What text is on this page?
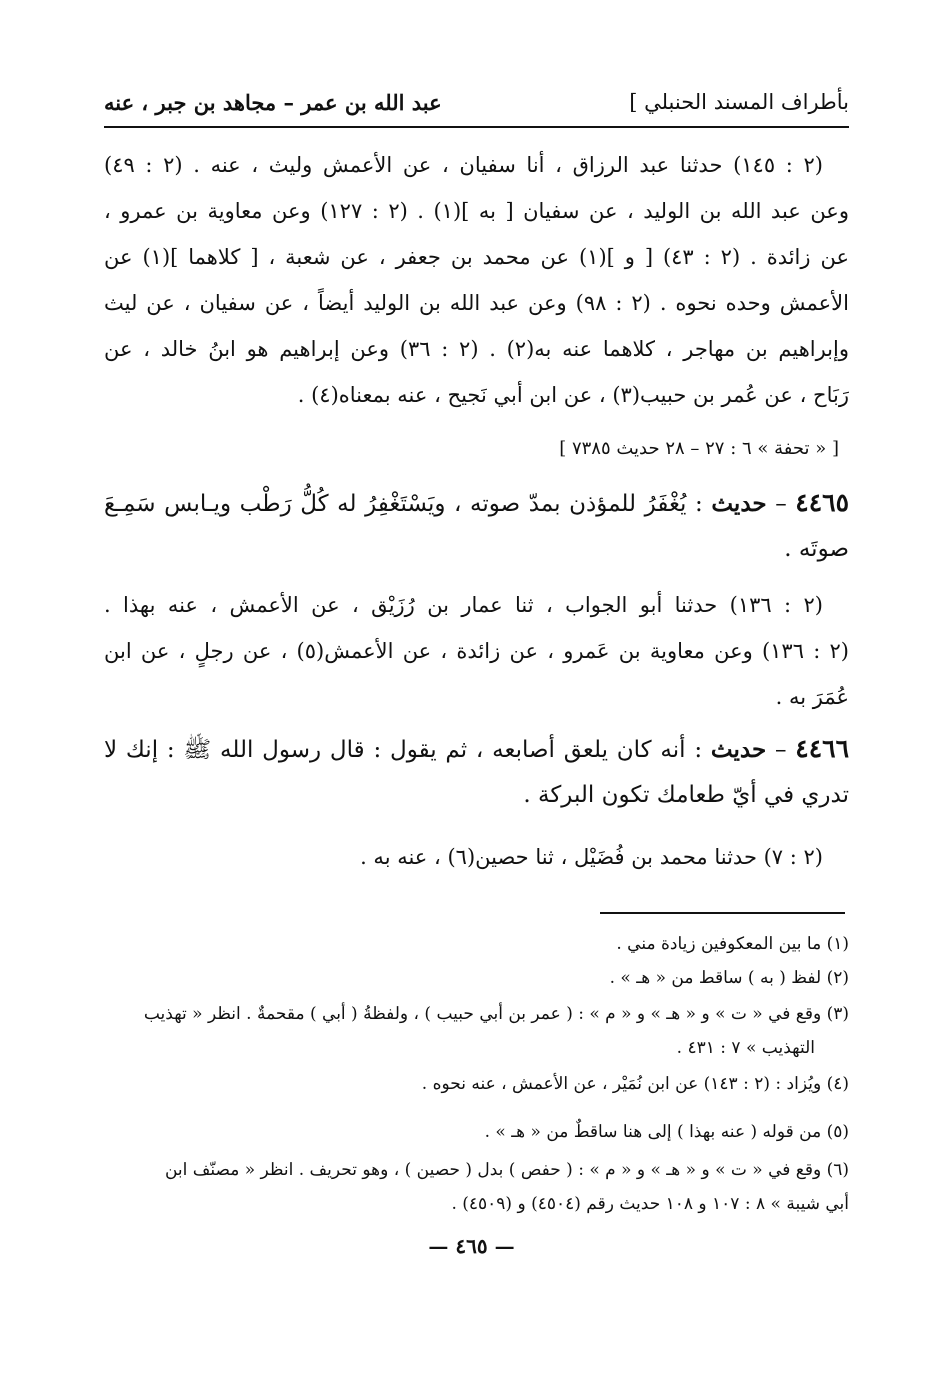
بأطراف المسند الحنبلي ]
عبد الله بن عمر – مجاهد بن جبر ، عنه
(٢ : ١٤٥) حدثنا عبد الرزاق ، أنا سفيان ، عن الأعمش وليث ، عنه . (٢ : ٤٩)
وعن عبد الله بن الوليد ، عن سفيان [ به ](١) . (٢ : ١٢٧) وعن معاوية بن عمرو ،
عن زائدة . (٢ : ٤٣) [ و ](١) عن محمد بن جعفر ، عن شعبة ، [ كلاهما ](١) عن
الأعمش وحده نحوه . (٢ : ٩٨) وعن عبد الله بن الوليد أيضاً ، عن سفيان ، عن ليث
وإبراهيم بن مهاجر ، كلاهما عنه به(٢) . (٢ : ٣٦) وعن إبراهيم هو ابنُ خالد ، عن
رَبَاح ، عن عُمر بن حبيب(٣) ، عن ابن أبي نَجيح ، عنه بمعناه(٤) .
[ « تحفة » ٦ : ٢٧ – ٢٨ حديث ٧٣٨٥ ]
٤٤٦٥ – حديث : يُغْفَرُ للمؤذن بمدّ صوته ، ويَسْتَغْفِرُ له كُلُّ رَطْب ويـابس سَمِـعَ
صوتَه .
(٢ : ١٣٦) حدثنا أبو الجواب ، ثنا عمار بن رُزَيْق ، عن الأعمش ، عنه بهذا .
(٢ : ١٣٦) وعن معاوية بن عَمرو ، عن زائدة ، عن الأعمش(٥) ، عن رجلٍ ، عن ابن
عُمَرَ به .
٤٤٦٦ – حديث : أنه كان يلعق أصابعه ، ثم يقول : قال رسول الله ﷺ : إنك لا
تدري في أيّ طعامك تكون البركة .
(٢ : ٧) حدثنا محمد بن فُضَيْل ، ثنا حصين(٦) ، عنه به .
(١) ما بين المعكوفين زيادة مني .
(٢) لفظ ( به ) ساقط من « هـ » .
(٣) وقع في « ت » و « هـ » و « م » : ( عمر بن أبي حبيب ) ، ولفظةُ ( أبي ) مقحمةٌ . انظر « تهذيب
التهذيب » ٧ : ٤٣١ .
(٤) ويُزاد : (٢ : ١٤٣) عن ابن نُمَيْر ، عن الأعمش ، عنه نحوه .
(٥) من قوله ( عنه بهذا ) إلى هنا ساقطٌ من « هـ » .
(٦) وقع في « ت » و « هـ » و « م » : ( حفص ) بدل ( حصين ) ، وهو تحريف . انظر « مصنّف ابن
أبي شيبة » ٨ : ١٠٧ و ١٠٨ حديث رقم (٤٥٠٤) و (٤٥٠٩) .
— ٤٦٥ —
